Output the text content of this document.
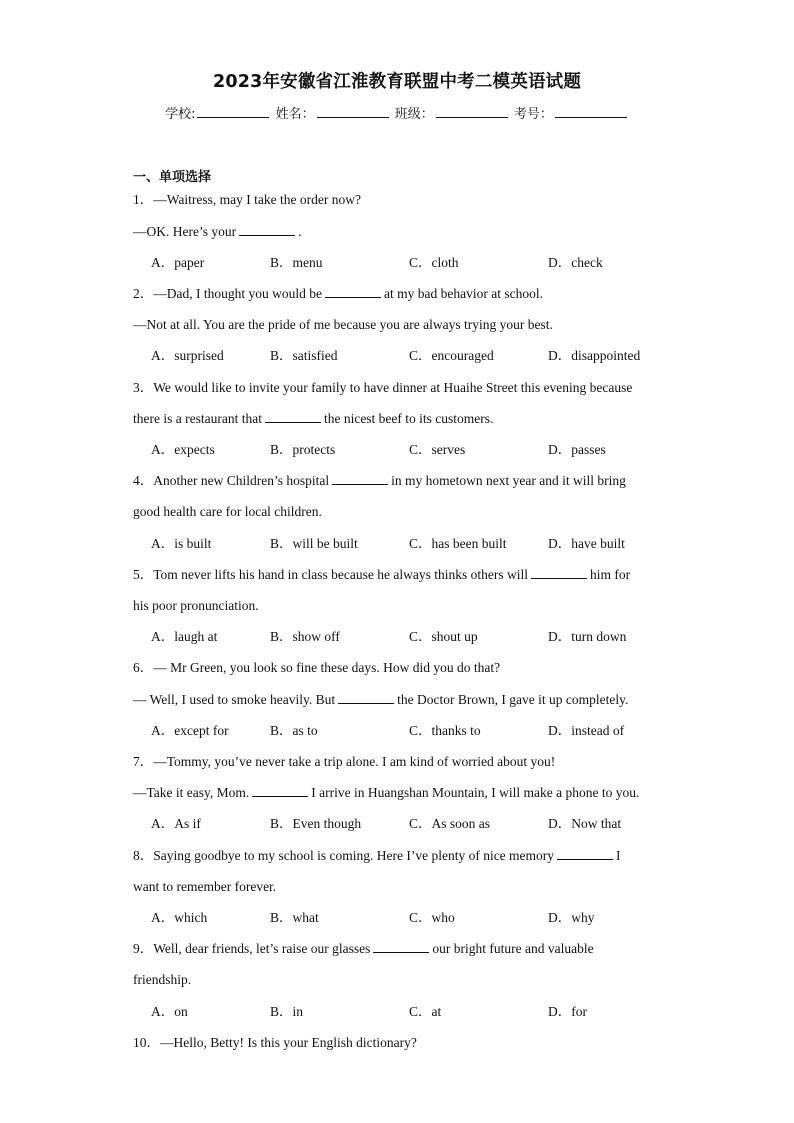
2023年安徽省江淮教育联盟中考二模英语试题
学校:	姓名：	班级：	考号：
一、单项选择
1．—Waitress, may I take the order now?
—OK. Here’s your	.
A．paper	B．menu	C．cloth	D．check
2．—Dad, I thought you would be	at my bad behavior at school.
—Not at all. You are the pride of me because you are always trying your best.
A．surprised	B．satisfied	C．encouraged	D．disappointed
3．We would like to invite your family to have dinner at Huaihe Street this evening because
there is a restaurant that	the nicest beef to its customers.
A．expects	B．protects	C．serves	D．passes
4．Another new Children’s hospital	in my hometown next year and it will bring
good health care for local children.
A．is built	B．will be built	C．has been built	D．have built
5．Tom never lifts his hand in class because he always thinks others will	him for
his poor pronunciation.
A．laugh at	B．show off	C．shout up	D．turn down
6．— Mr Green, you look so fine these days. How did you do that?
— Well, I used to smoke heavily. But	the Doctor Brown, I gave it up completely.
A．except for	B．as to	C．thanks to	D．instead of
7．—Tommy, you’ve never take a trip alone. I am kind of worried about you!
—Take it easy, Mom.	I arrive in Huangshan Mountain, I will make a phone to you.
A．As if	B．Even though	C．As soon as	D．Now that
8．Saying goodbye to my school is coming. Here I’ve plenty of nice memory	I
want to remember forever.
A．which	B．what	C．who	D．why
9．Well, dear friends, let’s raise our glasses	our bright future and valuable
friendship.
A．on	B．in	C．at	D．for
10．—Hello, Betty! Is this your English dictionary?
